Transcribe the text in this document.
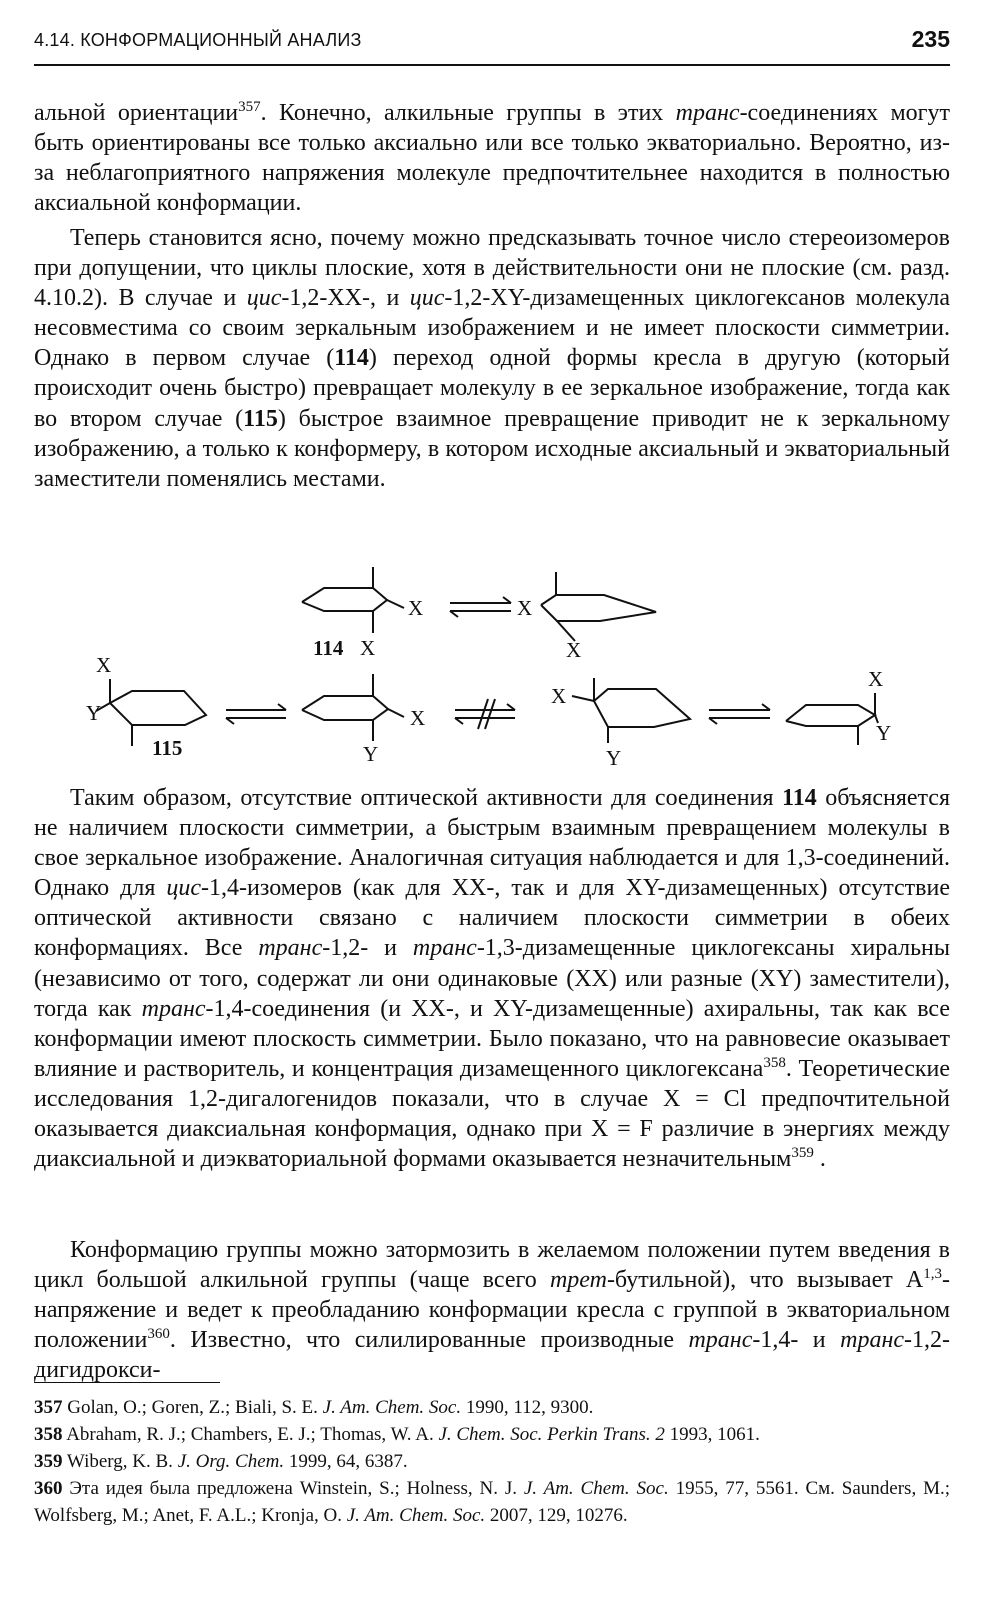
4.14. КОНФОРМАЦИОННЫЙ АНАЛИЗ	235

альной ориентации$^{357}$. Конечно, алкильные группы в этих транс-соединениях могут быть ориентированы все только аксиально или все только экваториально. Вероятно, из-за неблагоприятного напряжения молекуле предпочтительнее находится в полностью аксиальной конформации.

Теперь становится ясно, почему можно предсказывать точное число стереоизомеров при допущении, что циклы плоские, хотя в действительности они не плоские (см. разд. 4.10.2). В случае и цис-1,2-XX-, и цис-1,2-XY-дизамещенных циклогексанов молекула несовместима со своим зеркальным изображением и не имеет плоскости симметрии. Однако в первом случае (114) переход одной формы кресла в другую (который происходит очень быстро) превращает молекулу в ее зеркальное изображение, тогда как во втором случае (115) быстрое взаимное превращение приводит не к зеркальному изображению, а только к конформеру, в котором исходные аксиальный и экваториальный заместители поменялись местами.

X
114 X
X
X
X
Y
115
X
Y
X
Y
X
Y

Таким образом, отсутствие оптической активности для соединения 114 объясняется не наличием плоскости симметрии, а быстрым взаимным превращением молекулы в свое зеркальное изображение. Аналогичная ситуация наблюдается и для 1,3-соединений. Однако для цис-1,4-изомеров (как для XX-, так и для XY-дизамещенных) отсутствие оптической активности связано с наличием плоскости симметрии в обеих конформациях. Все транс-1,2- и транс-1,3-дизамещенные циклогексаны хиральны (независимо от того, содержат ли они одинаковые (XX) или разные (XY) заместители), тогда как транс-1,4-соединения (и XX-, и XY-дизамещенные) ахиральны, так как все конформации имеют плоскость симметрии. Было показано, что на равновесие оказывает влияние и растворитель, и концентрация дизамещенного циклогексана$^{358}$. Теоретические исследования 1,2-дигалогенидов показали, что в случае X = Cl предпочтительной оказывается диаксиальная конформация, однако при X = F различие в энергиях между диаксиальной и диэкваториальной формами оказывается незначительным$^{359}$ .

Конформацию группы можно затормозить в желаемом положении путем введения в цикл большой алкильной группы (чаще всего трет-бутильной), что вызывает A$^{1,3}$-напряжение и ведет к преобладанию конформации кресла с группой в экваториальном положении$^{360}$. Известно, что силилированные производные транс-1,4- и транс-1,2-дигидрокси-

357 Golan, O.; Goren, Z.; Biali, S. E. J. Am. Chem. Soc. 1990, 112, 9300.

358 Abraham, R. J.; Chambers, E. J.; Thomas, W. A. J. Chem. Soc. Perkin Trans. 2 1993, 1061.

359 Wiberg, K. B. J. Org. Chem. 1999, 64, 6387.

360 Эта идея была предложена Winstein, S.; Holness, N. J. J. Am. Chem. Soc. 1955, 77, 5561. См. Saunders, M.; Wolfsberg, M.; Anet, F. A.L.; Kronja, O. J. Am. Chem. Soc. 2007, 129, 10276.
